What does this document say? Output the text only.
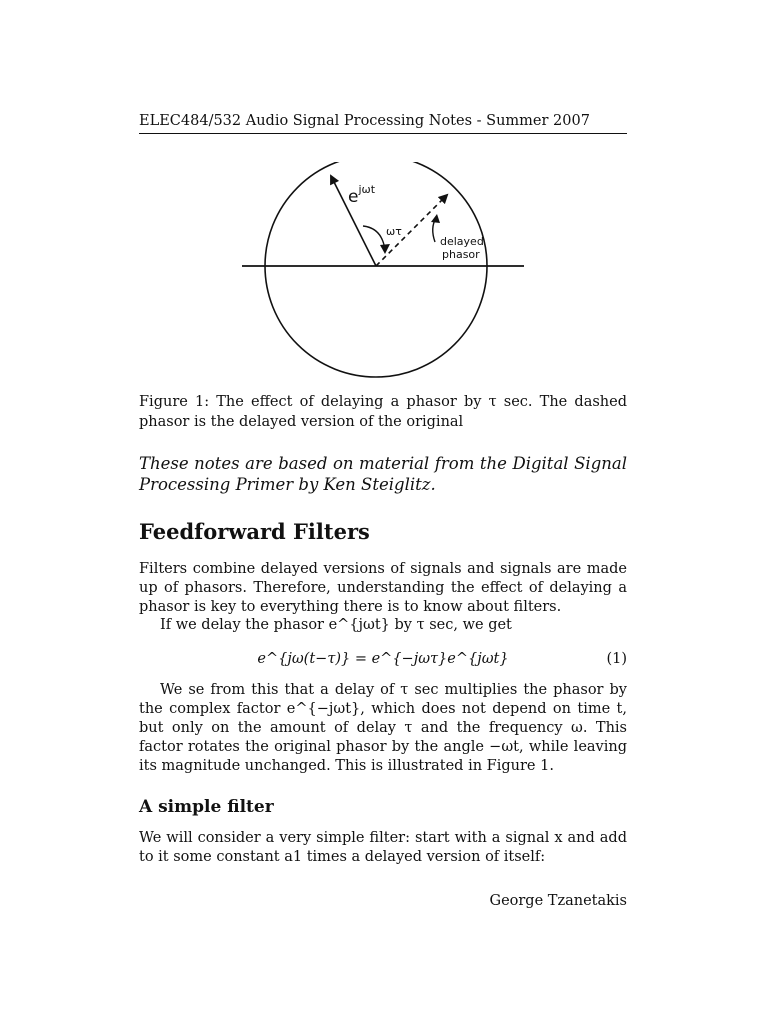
ELEC484/532 Audio Signal Processing Notes - Summer 2007
$e^{j\omega t}$
ωτ
delayed
phasor
Figure 1: The effect of delaying a phasor by τ sec. The dashed phasor is the delayed version of the original
These notes are based on material from the Digital Signal Processing Primer by Ken Steiglitz.
Feedforward Filters
Filters combine delayed versions of signals and signals are made up of phasors. Therefore, understanding the effect of delaying a phasor is key to everything there is to know about filters.
If we delay the phasor e^{jωt} by τ sec, we get
e^{jω(t−τ)} = e^{−jωτ}e^{jωt}	(1)
We se from this that a delay of τ sec multiplies the phasor by the complex factor e^{−jωt}, which does not depend on time t, but only on the amount of delay τ and the frequency ω. This factor rotates the original phasor by the angle −ωt, while leaving its magnitude unchanged. This is illustrated in Figure 1.
A simple filter
We will consider a very simple filter: start with a signal x and add to it some constant a1 times a delayed version of itself:
George Tzanetakis
